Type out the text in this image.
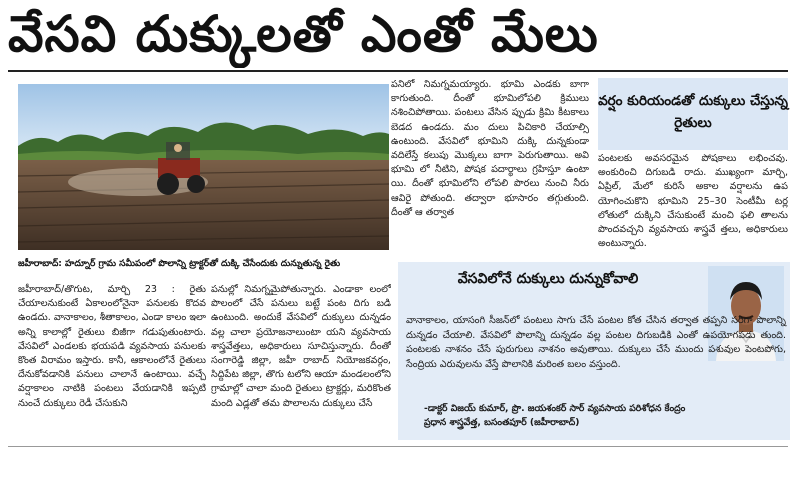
వేసవి దుక్కులతో ఎంతో మేలు
జహీరాబాద్: హద్నూర్ గ్రామ సమీపంలో పొలాన్ని ట్రాక్టర్‌తో దుక్కి చేసేందుకు దున్నుతున్న రైతు

పనిలో నిమగ్నమయ్యారు. భూమి ఎండకు బాగా కాగుతుంది. దీంతో భూమిలోపలి క్రిములు నశించిపోతాయి. పంటలు వేసిన ప్పుడు క్రిమి కీటకాలు బెడద ఉండదు. మం దులు పిచికారి చేయాల్సి ఉంటుంది. వేసవిలో భూమిని దుక్కి దున్నకుండా వదిలేస్తే కలుపు మొక్కలు బాగా పెరుగుతాయి. అవి భూమి లో నీటిని, పోషక పదార్థాలు గ్రహిస్తూ ఉంటా యి. దీంతో భూమిలోని లోపలి పొరలు నుంచి నీరు ఆవిరై పోతుంది. తద్వారా భూసారం తగ్గుతుంది. దీంతో ఆ తర్వాత

వర్షం కురియండతో దుక్కులు చేస్తున్న రైతులు

పంటలకు అవసరమైన పోషకాలు లభించవు. అంకురించి దిగుబడి రాదు. ముఖ్యంగా మార్చి, ఏప్రిల్, మేలో కురిసే అకాల వర్షాలను ఉప యోగించుకొని భూమిని 25–30 సెంటీమీ టర్ల లోతులో దుక్కిని చేసుకుంటే మంచి ఫలి తాలను పొందవచ్చని వ్యవసాయ శాస్త్రవే త్తలు, అధికారులు అంటున్నారు.

జహీరాబాద్/తొగుట, మార్చి 23 : రైతు చేయాలనుకుంటే ఏకాలంలోనైనా పనులకు కొదవ ఉండదు. వానాకాలం, శీతాకాలం, ఎండా కాలం ఇలా అన్ని కాలాల్లో రైతులు బిజీగా గడుపుతుంటారు. వేసవిలో ఎండలకు భయపడి వ్యవసాయ పనులకు కొంత విరామం ఇస్తారు. కానీ, ఆకాలంలోనే రైతులు దేనుకోవడానికి పనులు చాలానే ఉంటాయి. వచ్చే వర్షాకాలం నాటికి పంటలు వేయడానికి ఇప్పటి నుంచే దుక్కులు రెడీ చేసుకుని

పనుల్లో నిమగ్నమైపోతున్నారు. ఎండాకా లంలో పొలంలో చేసే పనులు బట్టే పంట దిగు బడి ఉంటుంది. అందుకే వేసవిలో దుక్కులు దున్నడం వల్ల చాలా ప్రయోజనాలుంటా యని వ్యవసాయ శాస్త్రవేత్తలు, అధికారులు సూచిస్తున్నారు. దీంతో సంగారెడ్డి జిల్లా, జహీ రాబాద్ నియోజకవర్గం, సిద్దిపేట జిల్లా, తొగు టలోని ఆయా మండలంలోని గ్రామాల్లో చాలా మంది రైతులు ట్రాక్టర్లు, మరికొంత మంది ఎడ్లతో తమ పొలాలను దుక్కులు చేసే

వేసవిలోనే దుక్కులు దున్నుకోవాలి
వానాకాలం, యాసంగి సీజన్‌లో పంటలు సాగు చేసే పంటల కోత చేసిన తర్వాత తప్పని సరిగా పొలాన్ని దున్నడం చేయాలి. వేసవిలో పొలాన్ని దున్నడం వల్ల పంటల దిగుబడికి ఎంతో ఉపయోగపడు తుంది. పంటలకు నాశనం చేసే పురుగులు నాశనం అవుతాయి. దుక్కులు చేసే ముందు పశువుల పెంటపోగు, సేంద్రియ ఎరువులను వేస్తే పొలానికి మరింత బలం వస్తుంది.
-డాక్టర్ విజయ్ కుమార్, ప్రొ. జయశంకర్ సార్ వ్యవసాయ పరిశోధన కేంద్రం
ప్రధాన శాస్త్రవేత్త, బసంతపూర్ (జహీరాబాద్)
